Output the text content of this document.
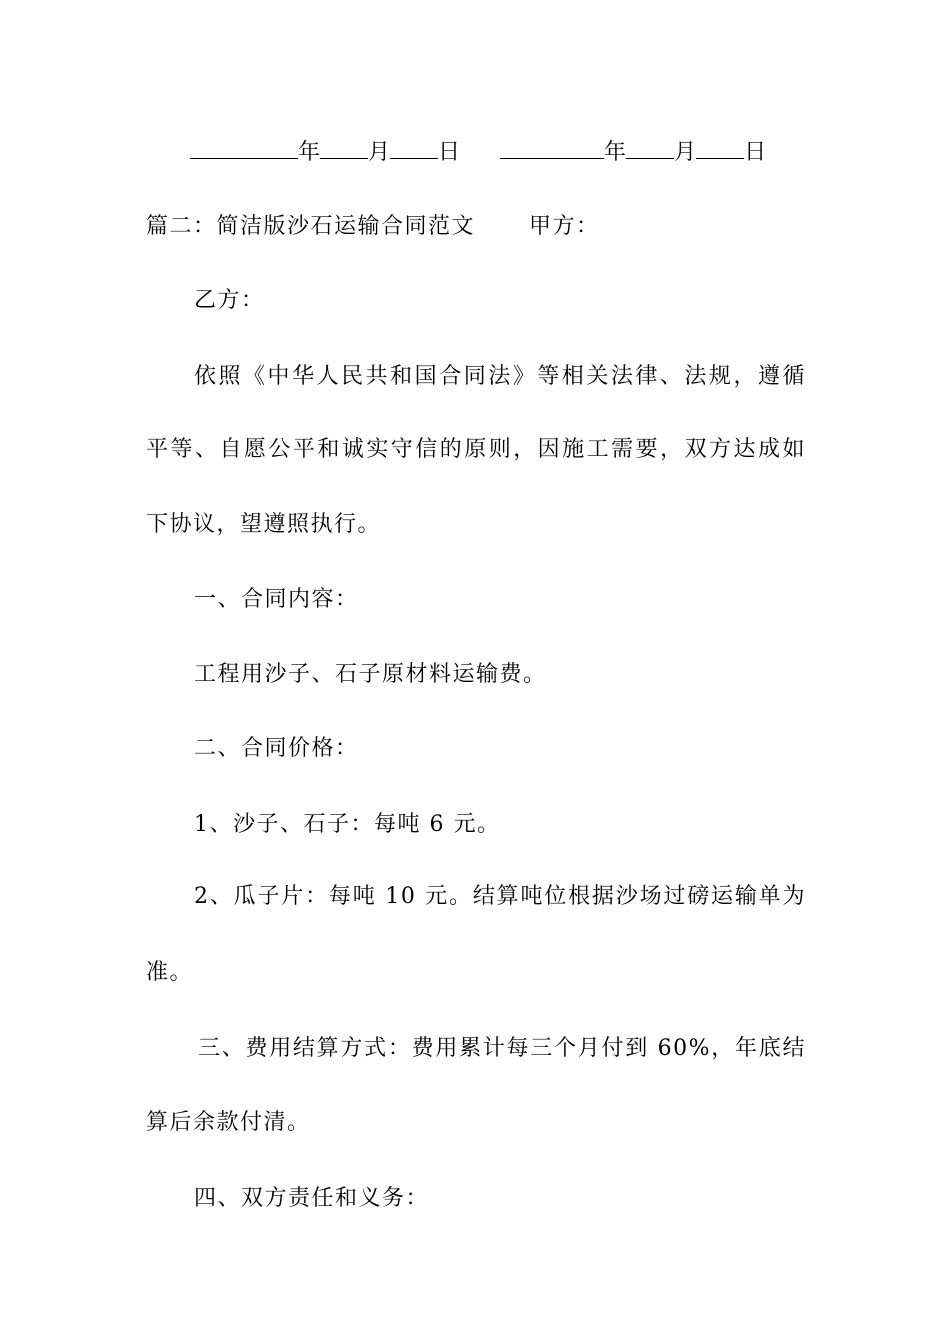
年 月 日	年 月 日
篇二：简洁版沙石运输合同范文 甲方：
乙方：
依照《中华人民共和国合同法》等相关法律、法规，遵循
平等、自愿公平和诚实守信的原则，因施工需要，双方达成如
下协议，望遵照执行。
一、合同内容：
工程用沙子、石子原材料运输费。
二、合同价格：
1、沙子、石子：每吨 6 元。
2、瓜子片：每吨 10 元。结算吨位根据沙场过磅运输单为
准。
三、费用结算方式：费用累计每三个月付到 60%，年底结
算后余款付清。
四、双方责任和义务：
